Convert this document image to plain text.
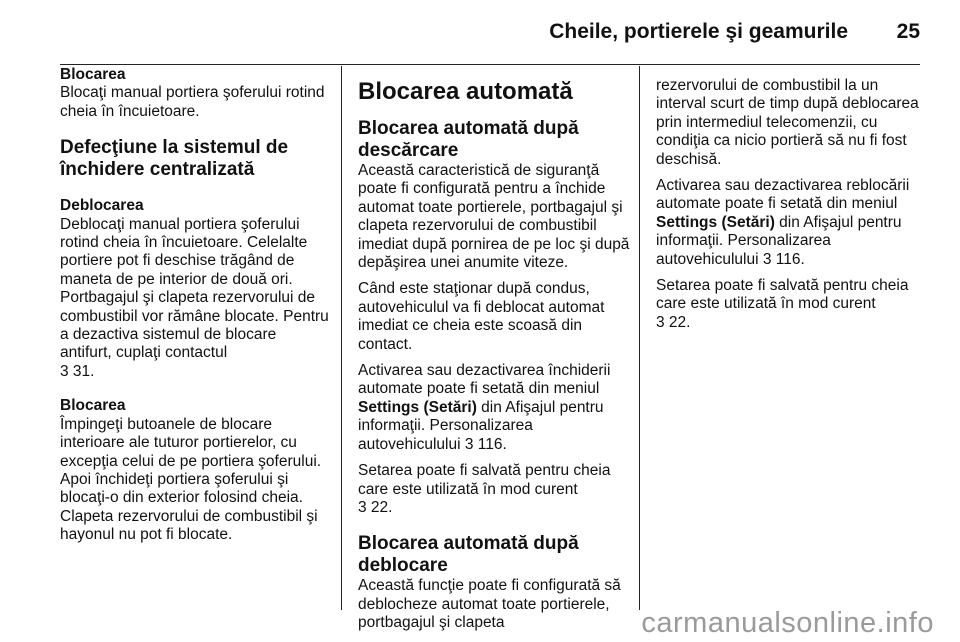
Cheile, portierele şi geamurile 25

Blocarea

Blocaţi manual portiera şoferului rotind cheia în încuietoare.

Defecţiune la sistemul de închidere centralizată

Deblocarea

Deblocaţi manual portiera şoferului rotind cheia în încuietoare. Celelalte portiere pot fi deschise trăgând de maneta de pe interior de două ori. Portbagajul şi clapeta rezervorului de combustibil vor rămâne blocate. Pentru a dezactiva sistemul de blocare antifurt, cuplaţi contactul
3 31.

Blocarea

Împingeţi butoanele de blocare interioare ale tuturor portierelor, cu excepţia celui de pe portiera şoferului. Apoi închideţi portiera şoferului şi blocaţi-o din exterior folosind cheia. Clapeta rezervorului de combustibil şi hayonul nu pot fi blocate.

Blocarea automată
Blocarea automată după descărcare

Această caracteristică de siguranţă poate fi configurată pentru a închide automat toate portierele, portbagajul şi clapeta rezervorului de combustibil imediat după pornirea de pe loc şi după depăşirea unei anumite viteze.

Când este staţionar după condus, autovehiculul va fi deblocat automat imediat ce cheia este scoasă din contact.

Activarea sau dezactivarea închiderii automate poate fi setată din meniul Settings (Setări) din Afişajul pentru informaţii. Personalizarea autovehiculului 3 116.

Setarea poate fi salvată pentru cheia care este utilizată în mod curent
3 22.

Blocarea automată după deblocare

Această funcţie poate fi configurată să deblocheze automat toate portierele, portbagajul şi clapeta

rezervorului de combustibil la un interval scurt de timp după deblocarea prin intermediul telecomenzii, cu condiţia ca nicio portieră să nu fi fost deschisă.

Activarea sau dezactivarea reblocării automate poate fi setată din meniul Settings (Setări) din Afişajul pentru informaţii. Personalizarea autovehiculului 3 116.

Setarea poate fi salvată pentru cheia care este utilizată în mod curent
3 22.

carmanualsonline.info
